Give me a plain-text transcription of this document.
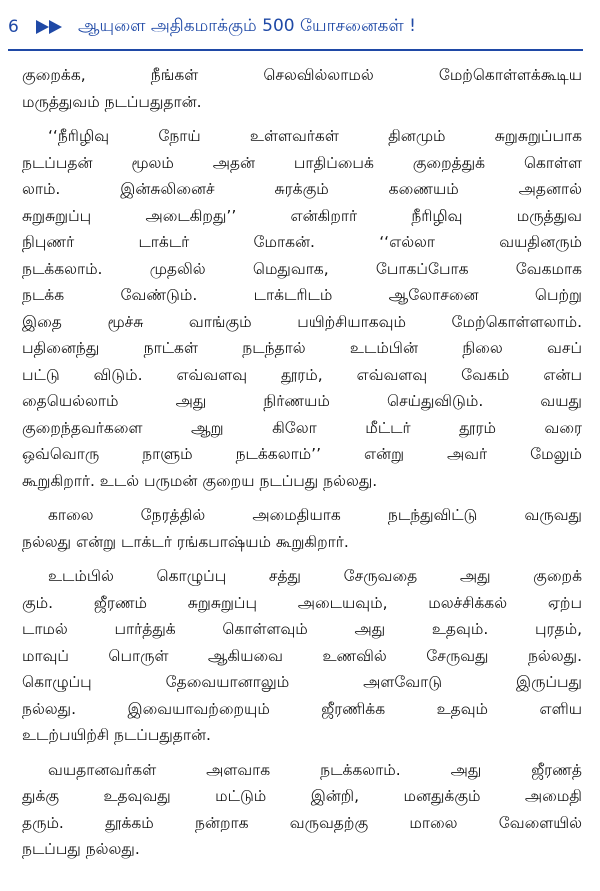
6	ஆயுளை அதிகமாக்கும் 500 யோசனைகள் !
குறைக்க, நீங்கள் செலவில்லாமல் மேற்கொள்ளக்கூடிய
மருத்துவம் நடப்பதுதான்.
‘‘நீரிழிவு நோய் உள்ளவர்கள் தினமும் சுறுசுறுப்பாக
நடப்பதன் மூலம் அதன் பாதிப்பைக் குறைத்துக் கொள்ள
லாம். இன்சுலினைச் சுரக்கும் கணையம் அதனால்
சுறுசுறுப்பு அடைகிறது’’ என்கிறார் நீரிழிவு மருத்துவ
நிபுணர் டாக்டர் மோகன். ‘‘எல்லா வயதினரும்
நடக்கலாம். முதலில் மெதுவாக, போகப்போக வேகமாக
நடக்க வேண்டும். டாக்டரிடம் ஆலோசனை பெற்று
இதை மூச்சு வாங்கும் பயிற்சியாகவும் மேற்கொள்ளலாம்.
பதினைந்து நாட்கள் நடந்தால் உடம்பின் நிலை வசப்
பட்டு விடும். எவ்வளவு தூரம், எவ்வளவு வேகம் என்ப
தையெல்லாம் அது நிர்ணயம் செய்துவிடும். வயது
குறைந்தவர்களை ஆறு கிலோ மீட்டர் தூரம் வரை
ஒவ்வொரு நாளும் நடக்கலாம்’’ என்று அவர் மேலும்
கூறுகிறார். உடல் பருமன் குறைய நடப்பது நல்லது.
காலை நேரத்தில் அமைதியாக நடந்துவிட்டு வருவது
நல்லது என்று டாக்டர் ரங்கபாஷ்யம் கூறுகிறார்.
உடம்பில் கொழுப்பு சத்து சேருவதை அது குறைக்
கும். ஜீரணம் சுறுசுறுப்பு அடையவும், மலச்சிக்கல் ஏற்ப
டாமல் பார்த்துக் கொள்ளவும் அது உதவும். புரதம்,
மாவுப் பொருள் ஆகியவை உணவில் சேருவது நல்லது.
கொழுப்பு தேவையானாலும் அளவோடு இருப்பது
நல்லது. இவையாவற்றையும் ஜீரணிக்க உதவும் எளிய
உடற்பயிற்சி நடப்பதுதான்.
வயதானவர்கள் அளவாக நடக்கலாம். அது ஜீரணத்
துக்கு உதவுவது மட்டும் இன்றி, மனதுக்கும் அமைதி
தரும். தூக்கம் நன்றாக வருவதற்கு மாலை வேளையில்
நடப்பது நல்லது.
